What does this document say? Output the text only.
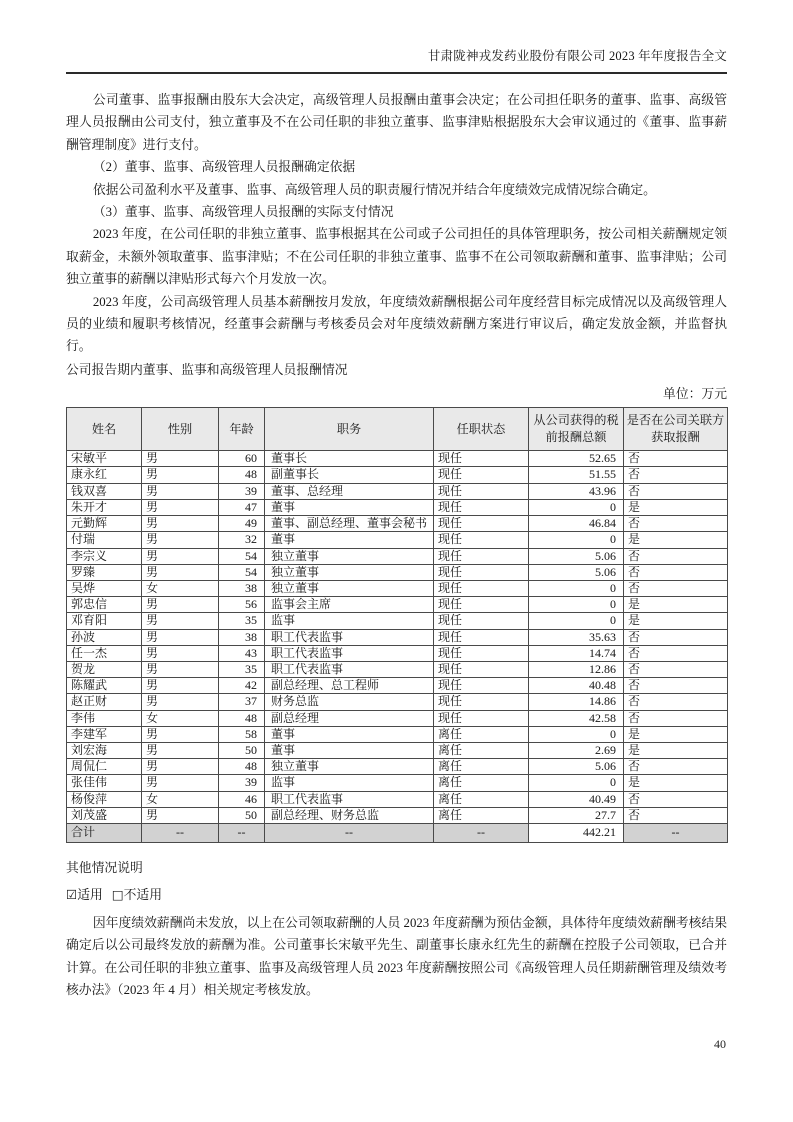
甘肃陇神戎发药业股份有限公司 2023 年年度报告全文

公司董事、监事报酬由股东大会决定，高级管理人员报酬由董事会决定；在公司担任职务的董事、监事、高级管理人员报酬由公司支付，独立董事及不在公司任职的非独立董事、监事津贴根据股东大会审议通过的《董事、监事薪酬管理制度》进行支付。

（2）董事、监事、高级管理人员报酬确定依据

依据公司盈利水平及董事、监事、高级管理人员的职责履行情况并结合年度绩效完成情况综合确定。

（3）董事、监事、高级管理人员报酬的实际支付情况

2023 年度，在公司任职的非独立董事、监事根据其在公司或子公司担任的具体管理职务，按公司相关薪酬规定领取薪金，未额外领取董事、监事津贴；不在公司任职的非独立董事、监事不在公司领取薪酬和董事、监事津贴；公司独立董事的薪酬以津贴形式每六个月发放一次。

2023 年度，公司高级管理人员基本薪酬按月发放，年度绩效薪酬根据公司年度经营目标完成情况以及高级管理人员的业绩和履职考核情况，经董事会薪酬与考核委员会对年度绩效薪酬方案进行审议后，确定发放金额，并监督执行。

公司报告期内董事、监事和高级管理人员报酬情况

单位：万元
姓名	性别	年龄	职务	任职状态	从公司获得的税前报酬总额	是否在公司关联方获取报酬
宋敏平	男	60	董事长	现任	52.65	否
康永红	男	48	副董事长	现任	51.55	否
钱双喜	男	39	董事、总经理	现任	43.96	否
朱开才	男	47	董事	现任	0	是
元勤辉	男	49	董事、副总经理、董事会秘书	现任	46.84	否
付瑞	男	32	董事	现任	0	是
李宗义	男	54	独立董事	现任	5.06	否
罗臻	男	54	独立董事	现任	5.06	否
吴烨	女	38	独立董事	现任	0	否
郭忠信	男	56	监事会主席	现任	0	是
邓育阳	男	35	监事	现任	0	是
孙波	男	38	职工代表监事	现任	35.63	否
任一杰	男	43	职工代表监事	现任	14.74	否
贺龙	男	35	职工代表监事	现任	12.86	否
陈耀武	男	42	副总经理、总工程师	现任	40.48	否
赵正财	男	37	财务总监	现任	14.86	否
李伟	女	48	副总经理	现任	42.58	否
李建军	男	58	董事	离任	0	是
刘宏海	男	50	董事	离任	2.69	是
周侃仁	男	48	独立董事	离任	5.06	否
张佳伟	男	39	监事	离任	0	是
杨俊萍	女	46	职工代表监事	离任	40.49	否
刘茂盛	男	50	副总经理、财务总监	离任	27.7	否
合计	--	--	--	--	442.21	--
其他情况说明
☑适用 □不适用

因年度绩效薪酬尚未发放，以上在公司领取薪酬的人员 2023 年度薪酬为预估金额，具体待年度绩效薪酬考核结果确定后以公司最终发放的薪酬为准。公司董事长宋敏平先生、副董事长康永红先生的薪酬在控股子公司领取，已合并计算。在公司任职的非独立董事、监事及高级管理人员 2023 年度薪酬按照公司《高级管理人员任期薪酬管理及绩效考核办法》（2023 年 4 月）相关规定考核发放。

40
